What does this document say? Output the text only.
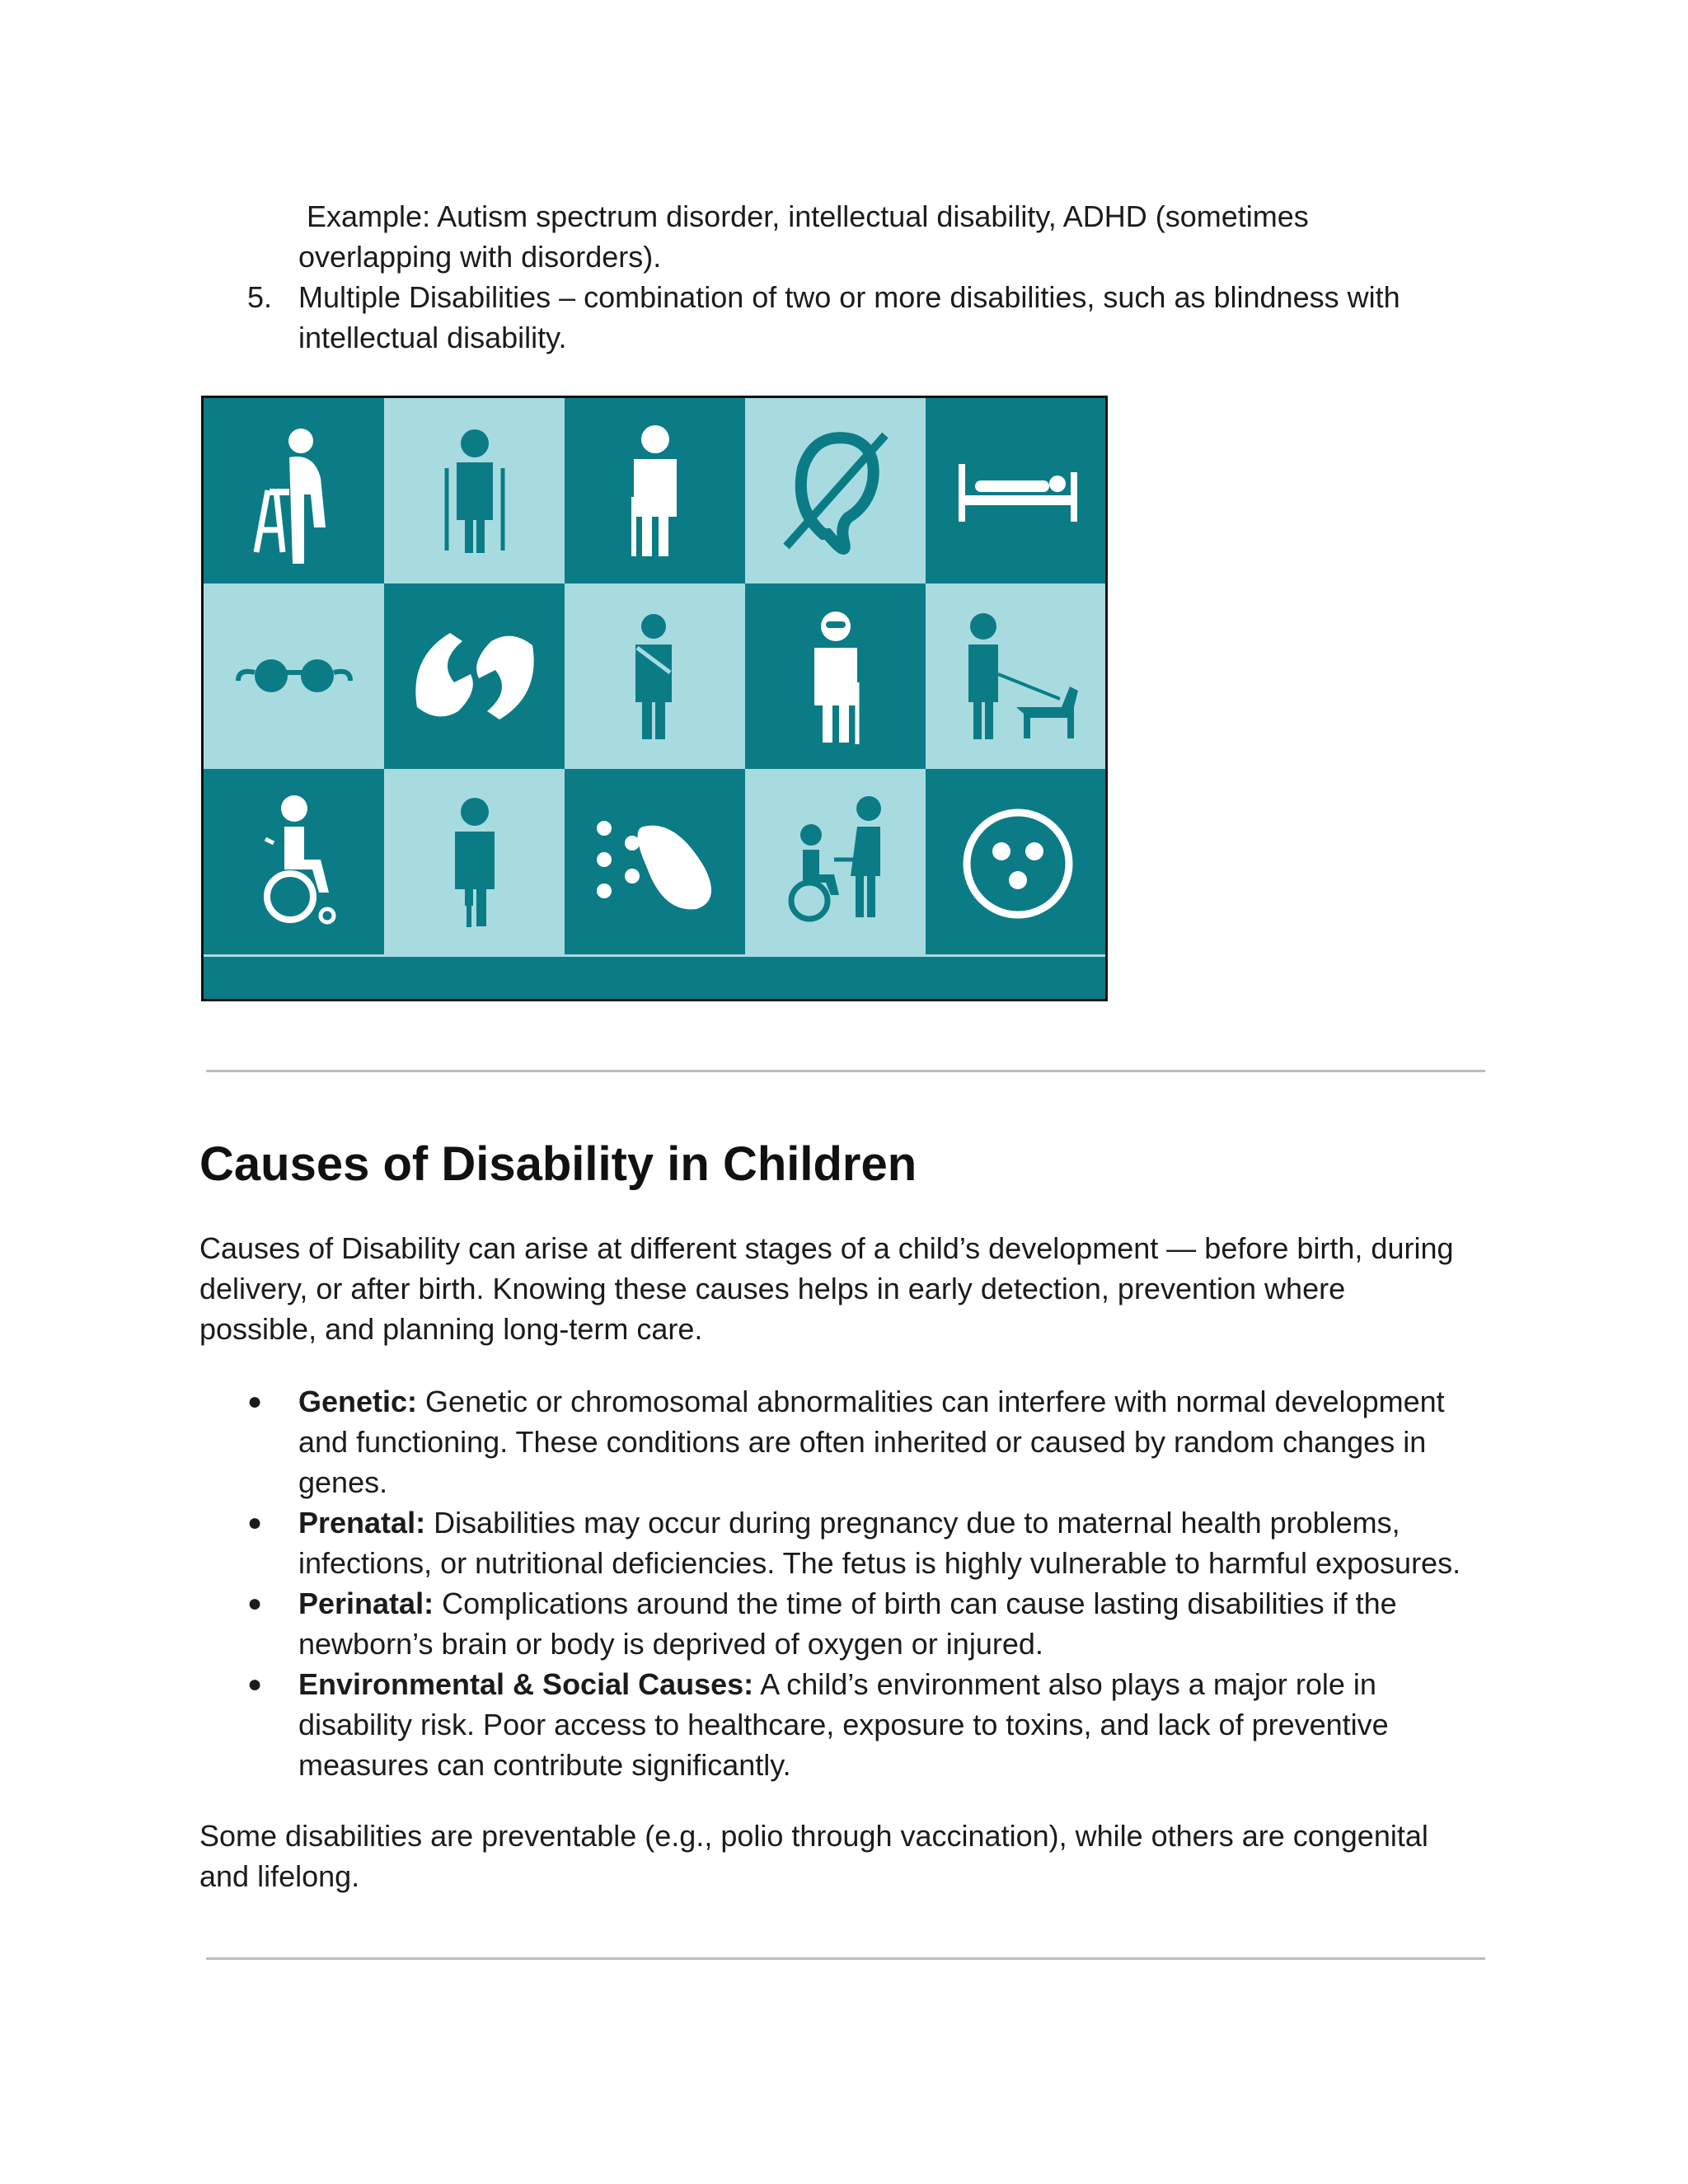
Example: Autism spectrum disorder, intellectual disability, ADHD (sometimes
overlapping with disorders).
5. Multiple Disabilities – combination of two or more disabilities, such as blindness with
intellectual disability.
Causes of Disability in Children
Causes of Disability can arise at different stages of a child’s development — before birth, during
delivery, or after birth. Knowing these causes helps in early detection, prevention where
possible, and planning long-term care.
● Genetic: Genetic or chromosomal abnormalities can interfere with normal development
and functioning. These conditions are often inherited or caused by random changes in
genes.
● Prenatal: Disabilities may occur during pregnancy due to maternal health problems,
infections, or nutritional deficiencies. The fetus is highly vulnerable to harmful exposures.
● Perinatal: Complications around the time of birth can cause lasting disabilities if the
newborn’s brain or body is deprived of oxygen or injured.
● Environmental & Social Causes: A child’s environment also plays a major role in
disability risk. Poor access to healthcare, exposure to toxins, and lack of preventive
measures can contribute significantly.
Some disabilities are preventable (e.g., polio through vaccination), while others are congenital
and lifelong.
